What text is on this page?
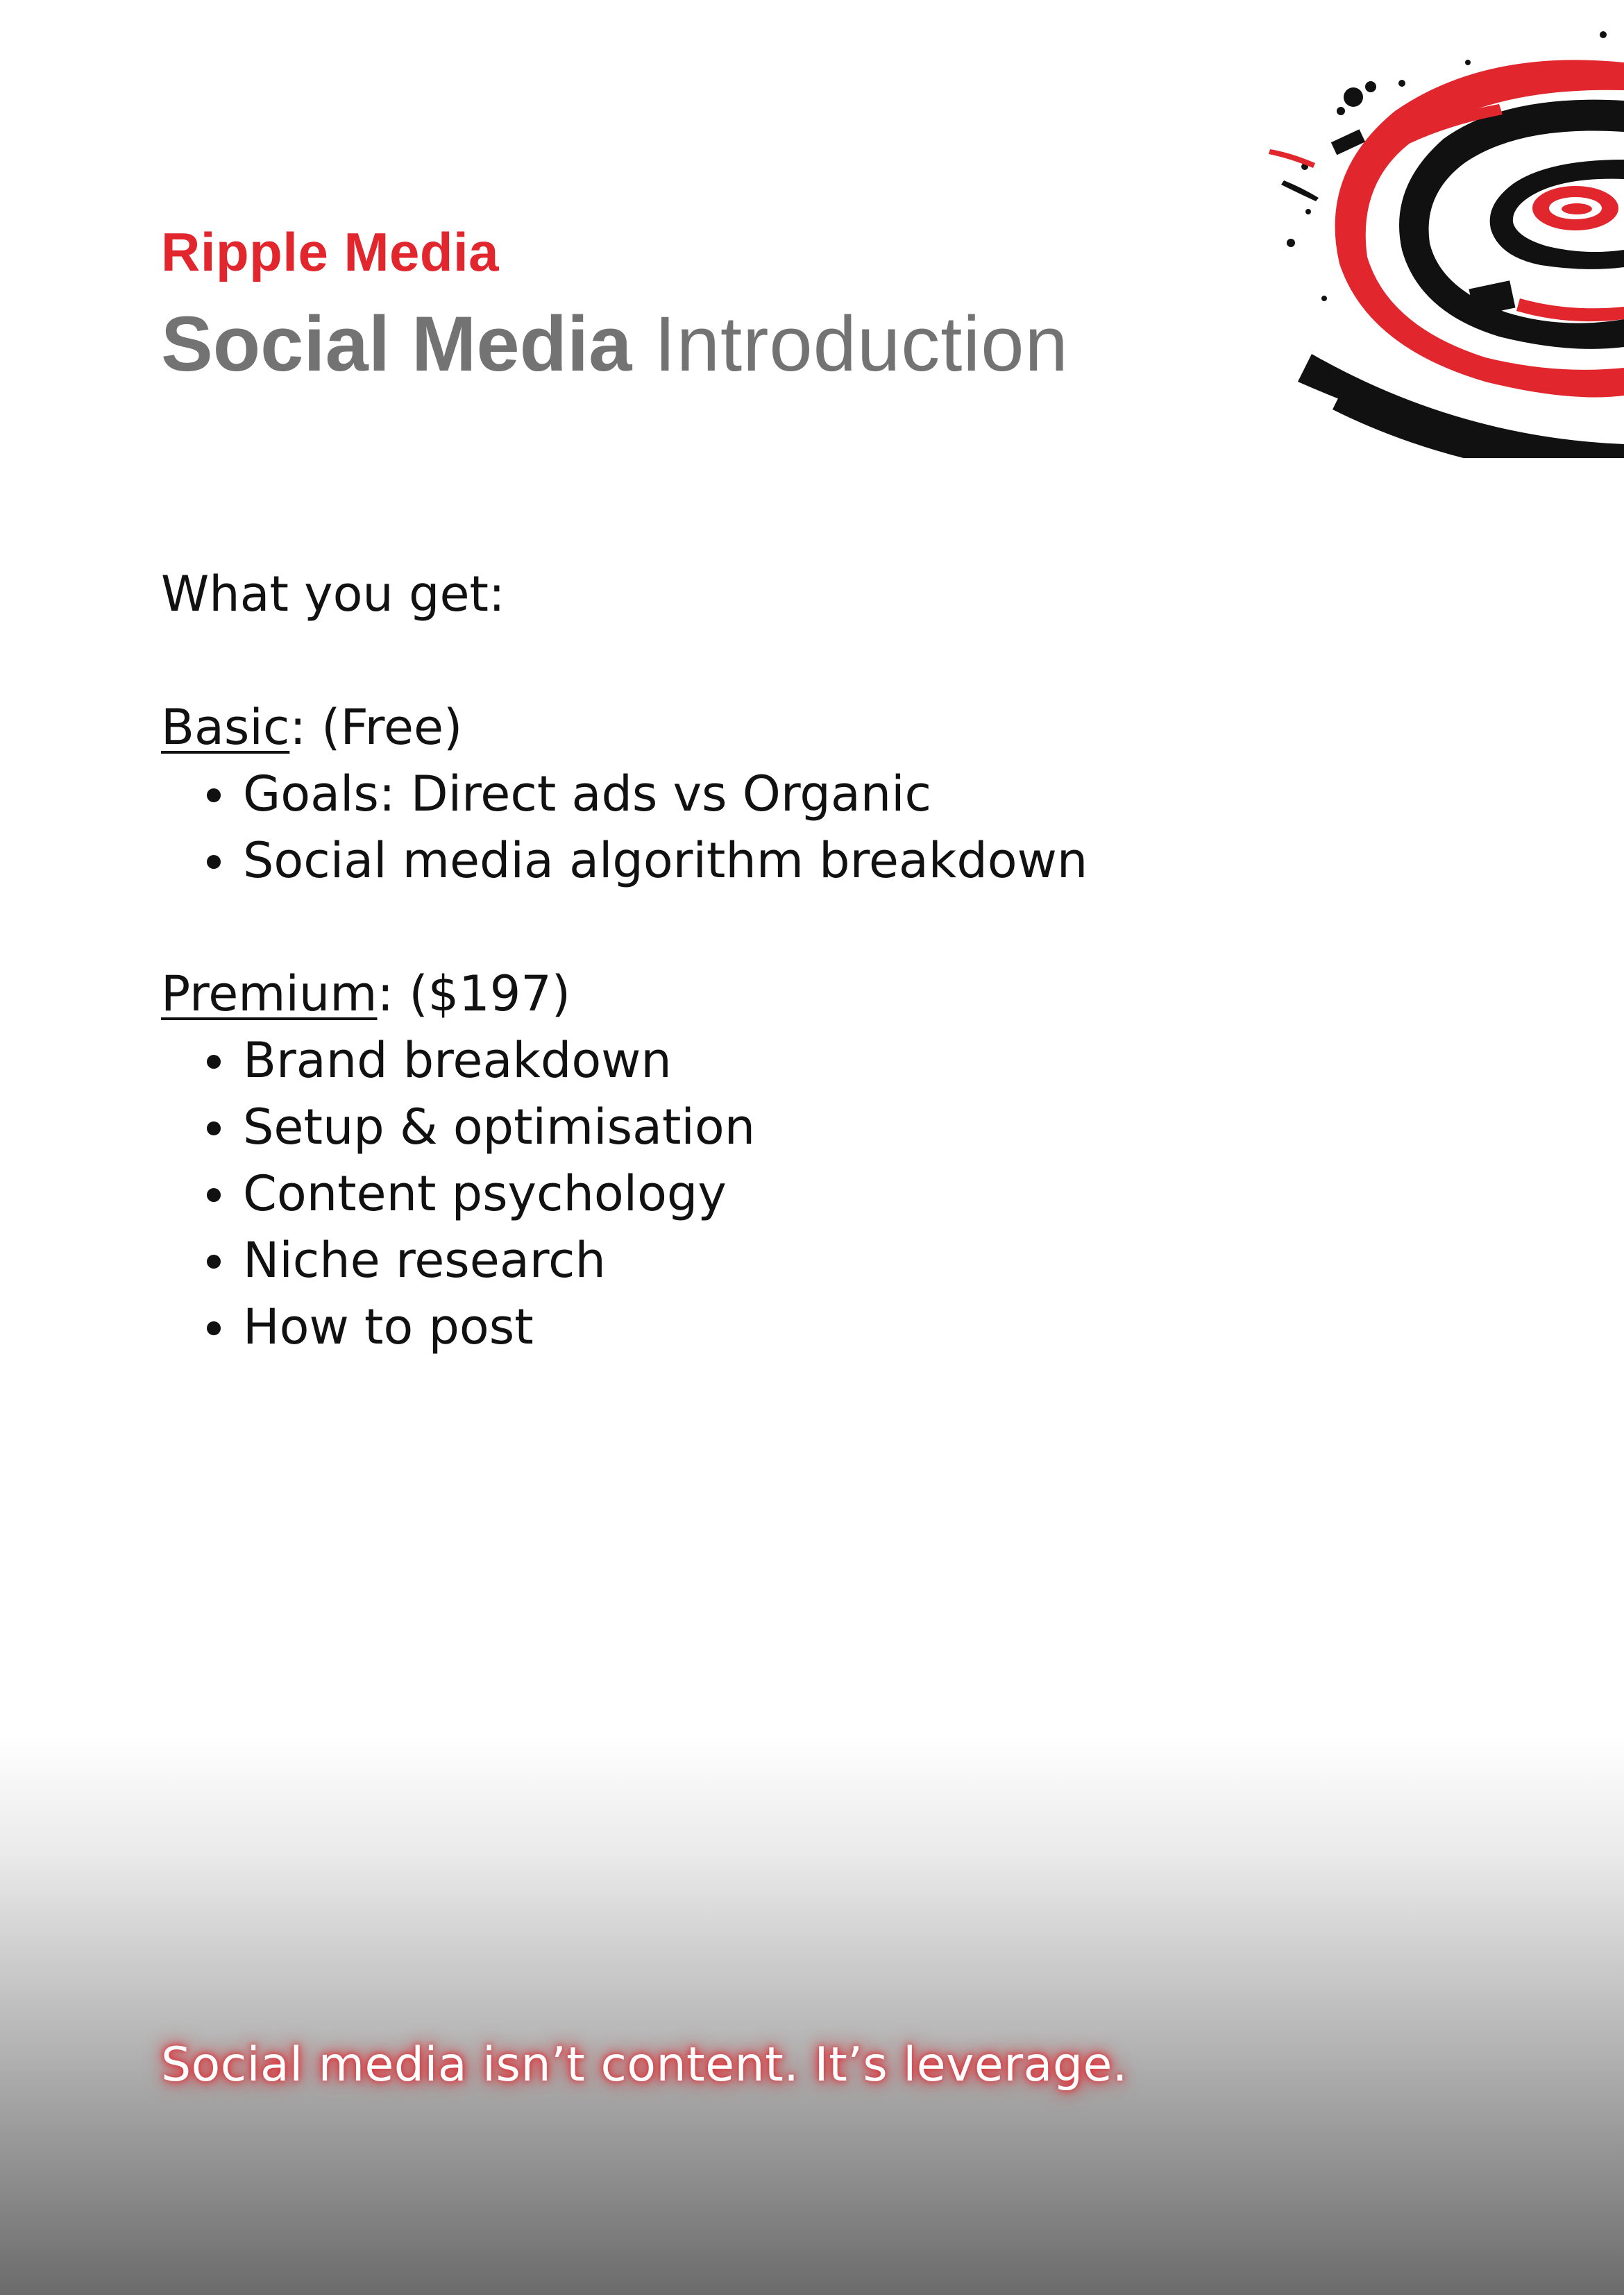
Ripple Media

Social Media Introduction

What you get:

Basic: (Free)

Goals: Direct ads vs Organic
Social media algorithm breakdown

Premium: ($197)

Brand breakdown
Setup & optimisation
Content psychology
Niche research
How to post

Social media isn’t content. It’s leverage.
